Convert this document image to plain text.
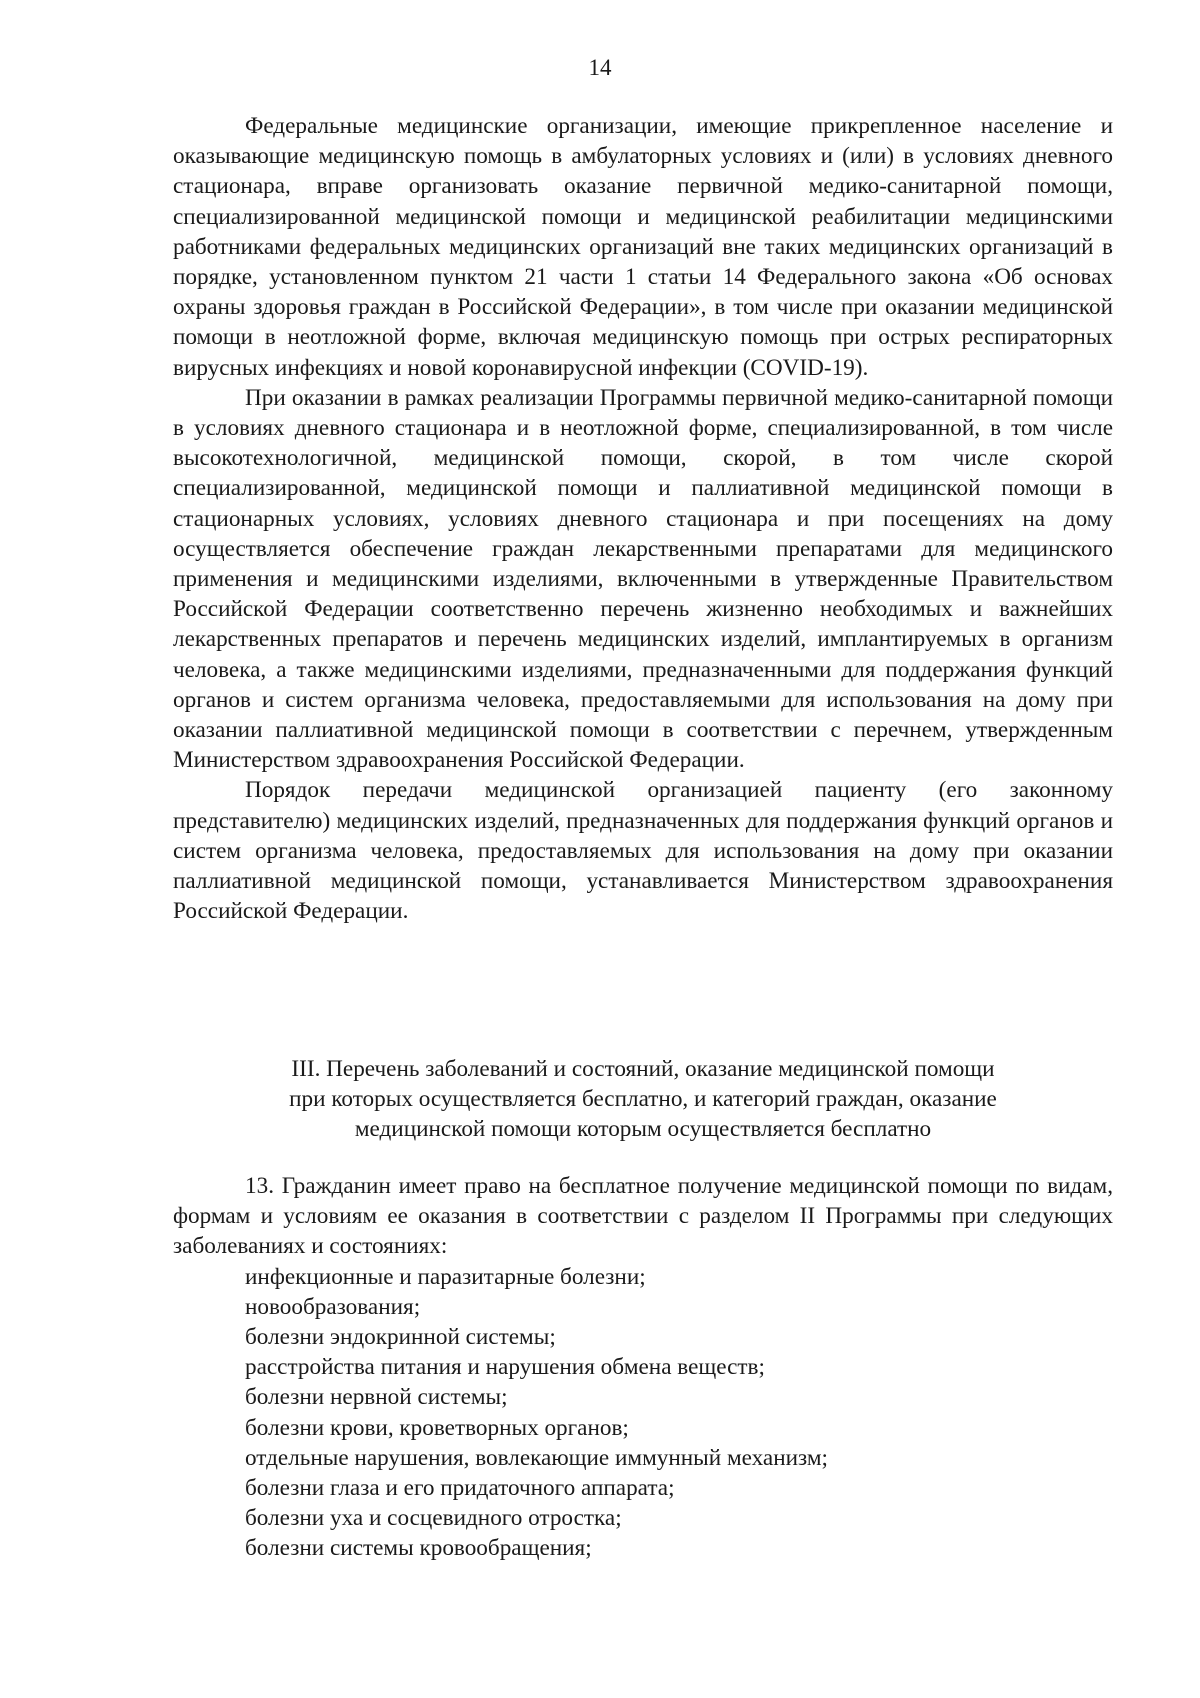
14

Федеральные медицинские организации, имеющие прикрепленное население и оказывающие медицинскую помощь в амбулаторных условиях и (или) в условиях дневного стационара, вправе организовать оказание первичной медико-санитарной помощи, специализированной медицинской помощи и медицинской реабилитации медицинскими работниками федеральных медицинских организаций вне таких медицинских организаций в порядке, установленном пунктом 21 части 1 статьи 14 Федерального закона «Об основах охраны здоровья граждан в Российской Федерации», в том числе при оказании медицинской помощи в неотложной форме, включая медицинскую помощь при острых респираторных вирусных инфекциях и новой коронавирусной инфекции (COVID-19).

При оказании в рамках реализации Программы первичной медико-санитарной помощи в условиях дневного стационара и в неотложной форме, специализированной, в том числе высокотехнологичной, медицинской помощи, скорой, в том числе скорой специализированной, медицинской помощи и паллиативной медицинской помощи в стационарных условиях, условиях дневного стационара и при посещениях на дому осуществляется обеспечение граждан лекарственными препаратами для медицинского применения и медицинскими изделиями, включенными в утвержденные Правительством Российской Федерации соответственно перечень жизненно необходимых и важнейших лекарственных препаратов и перечень медицинских изделий, имплантируемых в организм человека, а также медицинскими изделиями, предназначенными для поддержания функций органов и систем организма человека, предоставляемыми для использования на дому при оказании паллиативной медицинской помощи в соответствии с перечнем, утвержденным Министерством здравоохранения Российской Федерации.

Порядок передачи медицинской организацией пациенту (его законному представителю) медицинских изделий, предназначенных для поддержания функций органов и систем организма человека, предоставляемых для использования на дому при оказании паллиативной медицинской помощи, устанавливается Министерством здравоохранения Российской Федерации.

III. Перечень заболеваний и состояний, оказание медицинской помощи
при которых осуществляется бесплатно, и категорий граждан, оказание
медицинской помощи которым осуществляется бесплатно

13. Гражданин имеет право на бесплатное получение медицинской помощи по видам, формам и условиям ее оказания в соответствии с разделом II Программы при следующих заболеваниях и состояниях:

инфекционные и паразитарные болезни;
новообразования;
болезни эндокринной системы;
расстройства питания и нарушения обмена веществ;
болезни нервной системы;
болезни крови, кроветворных органов;
отдельные нарушения, вовлекающие иммунный механизм;
болезни глаза и его придаточного аппарата;
болезни уха и сосцевидного отростка;
болезни системы кровообращения;
